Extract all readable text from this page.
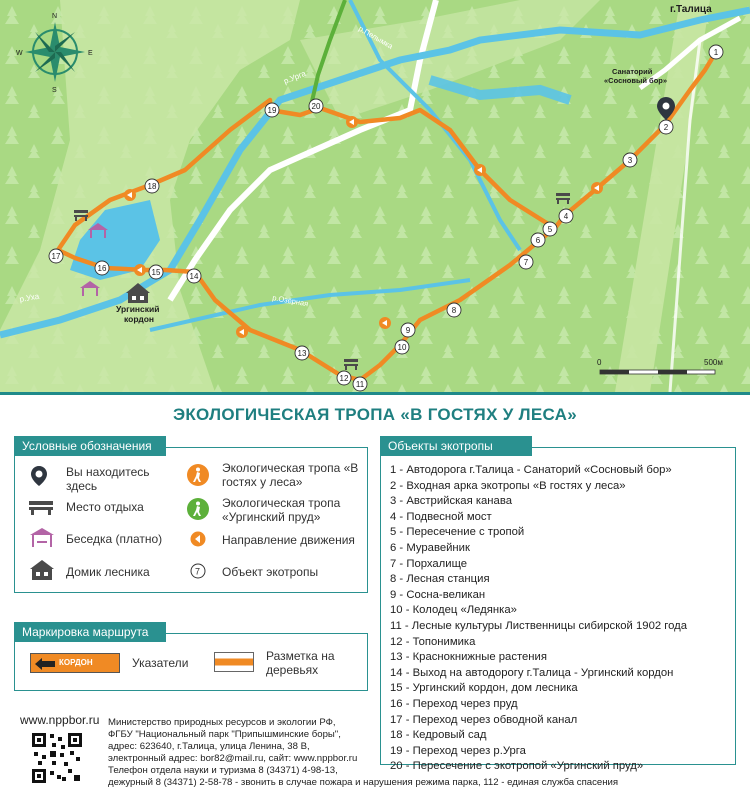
1
2
3
4
5
6
7
8
9
10
11
12
13
14
15
16
17
18
19	20
г.Талица
Санаторий
«Сосновый бор»
Ургинский
кордон
р.Урга
р.Уха	р.Озёрная
р.Пелымка
N
S
E
W
0	500м
ЭКОЛОГИЧЕСКАЯ ТРОПА «В ГОСТЯХ У ЛЕСА»
Условные обозначения
Вы находитесь здесь
Место отдыха
Беседка (платно)
Домик лесника
Экологическая тропа «В гостях у леса»
Экологическая тропа «Ургинский пруд»
Направление движения
7 Объект экотропы
Маркировка маршрута
КОРДОН	Указатели	Разметка на деревьях
Объекты экотропы
1 - Автодорога г.Талица - Санаторий «Сосновый бор»
2 - Входная арка экотропы «В гостях у леса»
3 - Австрийская канава
4 - Подвесной мост
5 - Пересечение с тропой
6 - Муравейник
7 - Порхалище
8 - Лесная станция
9 - Сосна-великан
10 - Колодец «Ледянка»
11 - Лесные культуры Лиственницы сибирской 1902 года
12 - Топонимика
13 - Краснокнижные растения
14 - Выход на автодорогу г.Талица - Ургинский кордон
15 - Ургинский кордон, дом лесника
16 - Переход через пруд
17 - Переход через обводной канал
18 - Кедровый сад
19 - Переход через р.Урга
20 - Пересечение с экотропой «Ургинский пруд»
www.nppbor.ru Министерство природных ресурсов и экологии РФ,
ФГБУ "Национальный парк "Припышминские боры",
адрес: 623640, г.Талица, улица Ленина, 38 В,
электронный адрес: bor82@mail.ru, сайт: www.nppbor.ru
Телефон отдела науки и туризма 8 (34371) 4-98-13,
дежурный 8 (34371) 2-58-78 - звонить в случае пожара и нарушения режима парка, 112 - единая служба спасения
